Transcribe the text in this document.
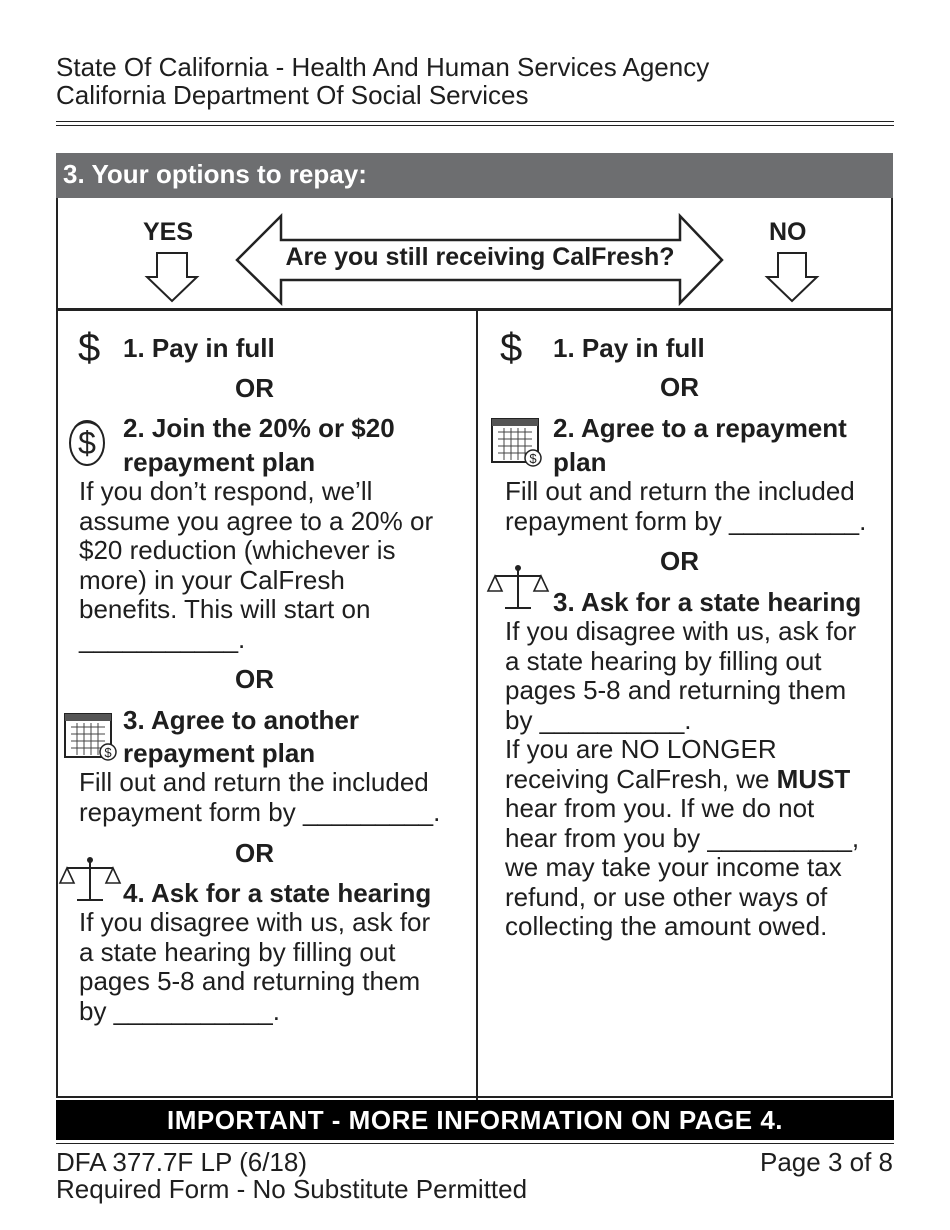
State Of California - Health And Human Services Agency
California Department Of Social Services
3. Your options to repay:
YES	NO
Are you still receiving CalFresh?
$ 1. Pay in full
OR
$ 2. Join the 20% or $20
repayment plan
If you don’t respond, we’ll
assume you agree to a 20% or
$20 reduction (whichever is
more) in your CalFresh
benefits. This will start on
___________.
OR
$
3. Agree to another
repayment plan
Fill out and return the included
repayment form by _________.
OR
4. Ask for a state hearing
If you disagree with us, ask for
a state hearing by filling out
pages 5-8 and returning them
by ___________.
$ 1. Pay in full
OR
$
2. Agree to a repayment
plan
Fill out and return the included
repayment form by _________.
OR
3. Ask for a state hearing
If you disagree with us, ask for
a state hearing by filling out
pages 5-8 and returning them
by __________.
If you are NO LONGER
receiving CalFresh, we MUST
hear from you. If we do not
hear from you by __________,
we may take your income tax
refund, or use other ways of
collecting the amount owed.
IMPORTANT - MORE INFORMATION ON PAGE 4.
DFA 377.7F LP (6/18)	Page 3 of 8
Required Form - No Substitute Permitted
